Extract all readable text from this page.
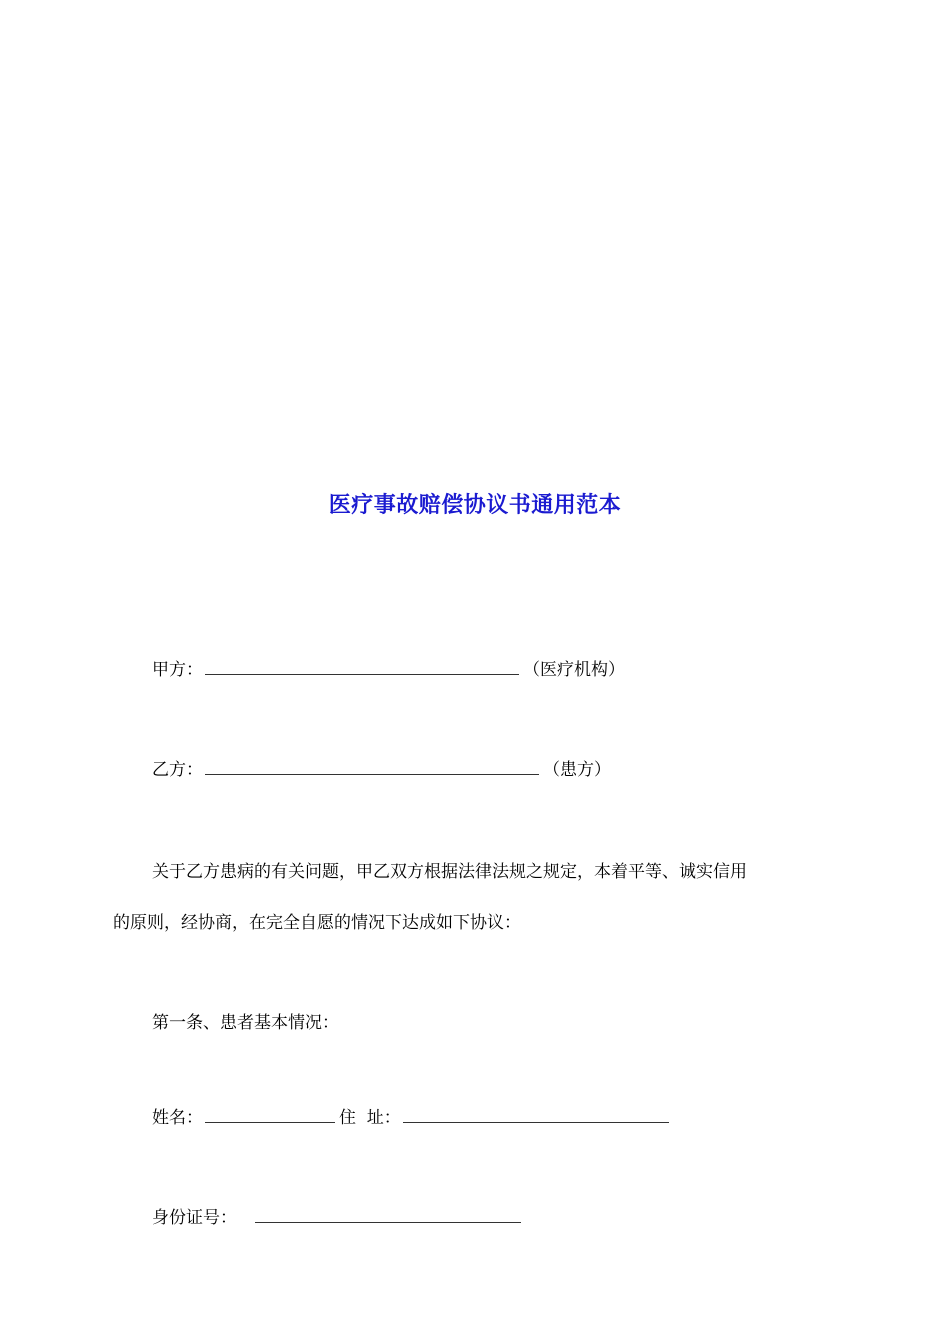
医疗事故赔偿协议书通用范本
甲方：	（医疗机构）
乙方：	（患方）
关于乙方患病的有关问题，甲乙双方根据法律法规之规定，本着平等、诚实信用
的原则，经协商，在完全自愿的情况下达成如下协议：
第一条、患者基本情况：
姓名：	住  址：
身份证号：
